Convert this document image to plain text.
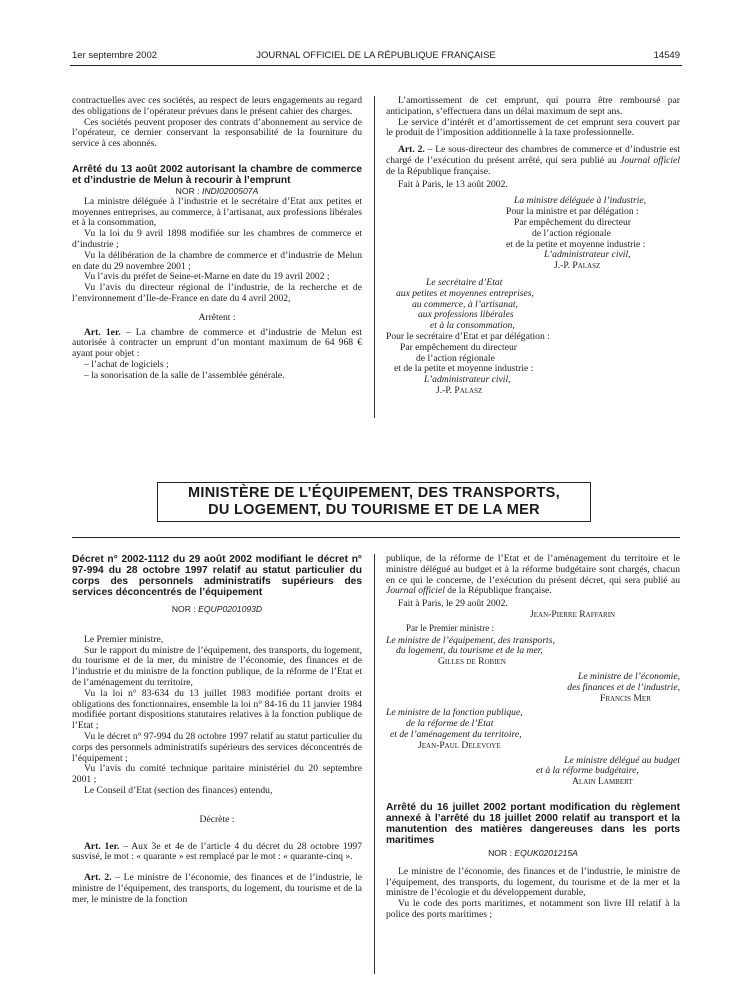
1er septembre 2002	JOURNAL OFFICIEL DE LA RÉPUBLIQUE FRANÇAISE	14549

contractuelles avec ces sociétés, au respect de leurs engagements au regard des obligations de l’opérateur prévues dans le présent cahier des charges.

Ces sociétés peuvent proposer des contrats d’abonnement au service de l’opérateur, ce dernier conservant la responsabilité de la fourniture du service à ces abonnés.

Arrêté du 13 août 2002 autorisant la chambre de commerce et d’industrie de Melun à recourir à l’emprunt

NOR : INDI0200507A

La ministre déléguée à l’industrie et le secrétaire d’Etat aux petites et moyennes entreprises, au commerce, à l’artisanat, aux professions libérales et à la consommation,

Vu la loi du 9 avril 1898 modifiée sur les chambres de commerce et d’industrie ;

Vu la délibération de la chambre de commerce et d’industrie de Melun en date du 29 novembre 2001 ;

Vu l’avis du préfet de Seine-et-Marne en date du 19 avril 2002 ;

Vu l’avis du directeur régional de l’industrie, de la recherche et de l’environnement d’Ile-de-France en date du 4 avril 2002,

Arrêtent :

Art. 1er. – La chambre de commerce et d’industrie de Melun est autorisée à contracter un emprunt d’un montant maximum de 64 968 € ayant pour objet :

– l’achat de logiciels ;

– la sonorisation de la salle de l’assemblée générale.

L’amortissement de cet emprunt, qui pourra être remboursé par anticipation, s’effectuera dans un délai maximum de sept ans.

Le service d’intérêt et d’amortissement de cet emprunt sera couvert par le produit de l’imposition additionnelle à la taxe professionnelle.

Art. 2. – Le sous-directeur des chambres de commerce et d’industrie est chargé de l’exécution du présent arrêté, qui sera publié au Journal officiel de la République française.

Fait à Paris, le 13 août 2002.

La ministre déléguée à l’industrie,

Pour la ministre et par délégation :

Par empêchement du directeur

de l’action régionale

et de la petite et moyenne industrie :

L’administrateur civil,

J.-P. Palasz

Le secrétaire d’Etat

aux petites et moyennes entreprises,

au commerce, à l’artisanat,

aux professions libérales

et à la consommation,

Pour le secrétaire d’Etat et par délégation :

Par empêchement du directeur

de l’action régionale

et de la petite et moyenne industrie :

L’administrateur civil,

J.-P. Palasz

MINISTÈRE DE L’ÉQUIPEMENT, DES TRANSPORTS,
DU LOGEMENT, DU TOURISME ET DE LA MER

Décret n° 2002-1112 du 29 août 2002 modifiant le décret n° 97-994 du 28 octobre 1997 relatif au statut particulier du corps des personnels administratifs supérieurs des services déconcentrés de l’équipement

NOR : EQUP0201093D

Le Premier ministre,

Sur le rapport du ministre de l’équipement, des transports, du logement, du tourisme et de la mer, du ministre de l’économie, des finances et de l’industrie et du ministre de la fonction publique, de la réforme de l’Etat et de l’aménagement du territoire,

Vu la loi n° 83-634 du 13 juillet 1983 modifiée portant droits et obligations des fonctionnaires, ensemble la loi n° 84-16 du 11 janvier 1984 modifiée portant dispositions statutaires relatives à la fonction publique de l’Etat ;

Vu le décret n° 97-994 du 28 octobre 1997 relatif au statut particulier du corps des personnels administratifs supérieurs des services déconcentrés de l’équipement ;

Vu l’avis du comité technique paritaire ministériel du 20 septembre 2001 ;

Le Conseil d’Etat (section des finances) entendu,

Décrète :

Art. 1er. – Aux 3e et 4e de l’article 4 du décret du 28 octobre 1997 susvisé, le mot : « quarante » est remplacé par le mot : « quarante-cinq ».

Art. 2. – Le ministre de l’économie, des finances et de l’industrie, le ministre de l’équipement, des transports, du logement, du tourisme et de la mer, le ministre de la fonction

publique, de la réforme de l’Etat et de l’aménagement du territoire et le ministre délégué au budget et à la réforme budgétaire sont chargés, chacun en ce qui le concerne, de l’exécution du présent décret, qui sera publié au Journal officiel de la République française.

Fait à Paris, le 29 août 2002.

Jean-Pierre Raffarin

Par le Premier ministre :

Le ministre de l’équipement, des transports,

du logement, du tourisme et de la mer,

Gilles de Robien

Le ministre de l’économie,

des finances et de l’industrie,

Francis Mer

Le ministre de la fonction publique,

de la réforme de l’Etat

et de l’aménagement du territoire,

Jean-Paul Delevoye

Le ministre délégué au budget

et à la réforme budgétaire,

Alain Lambert

Arrêté du 16 juillet 2002 portant modification du règlement annexé à l’arrêté du 18 juillet 2000 relatif au transport et la manutention des matières dangereuses dans les ports maritimes

NOR : EQUK0201215A

Le ministre de l’économie, des finances et de l’industrie, le ministre de l’équipement, des transports, du logement, du tourisme et de la mer et la ministre de l’écologie et du développement durable,

Vu le code des ports maritimes, et notamment son livre III relatif à la police des ports maritimes ;
